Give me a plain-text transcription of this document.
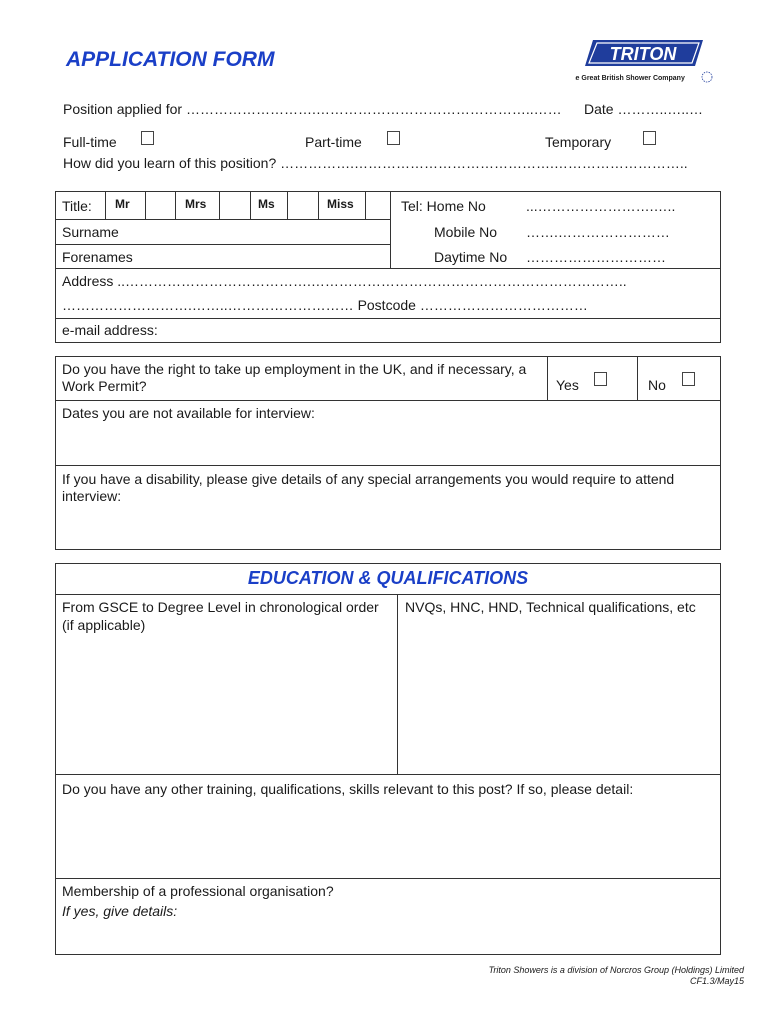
APPLICATION FORM	TRITON
The Great British Shower Company
Position applied for ……………………….………………………………………..…… Date ………..…..…
Full-time	Part-time	Temporary
How did you learn of this position? …………….…………………………………….………………………..
Title: Mr	Mrs	Ms	Miss
Surname
Forenames
Tel: Home No	...…………………….…..
Mobile No …….……………………
Daytime No …………………………
Address ..………………………………….…………………………………………………………..
……………………….……..……………………… Postcode ………………………………
e-mail address:
Do you have the right to take up employment in the UK, and if necessary, a Work Permit?	Yes	No
Dates you are not available for interview:
If you have a disability, please give details of any special arrangements you would require to attend interview:
EDUCATION & QUALIFICATIONS
From GSCE to Degree Level in chronological order (if applicable)
NVQs, HNC, HND, Technical qualifications, etc
Do you have any other training, qualifications, skills relevant to this post? If so, please detail:
Membership of a professional organisation?
If yes, give details:
Triton Showers is a division of Norcros Group (Holdings) Limited
CF1.3/May15
